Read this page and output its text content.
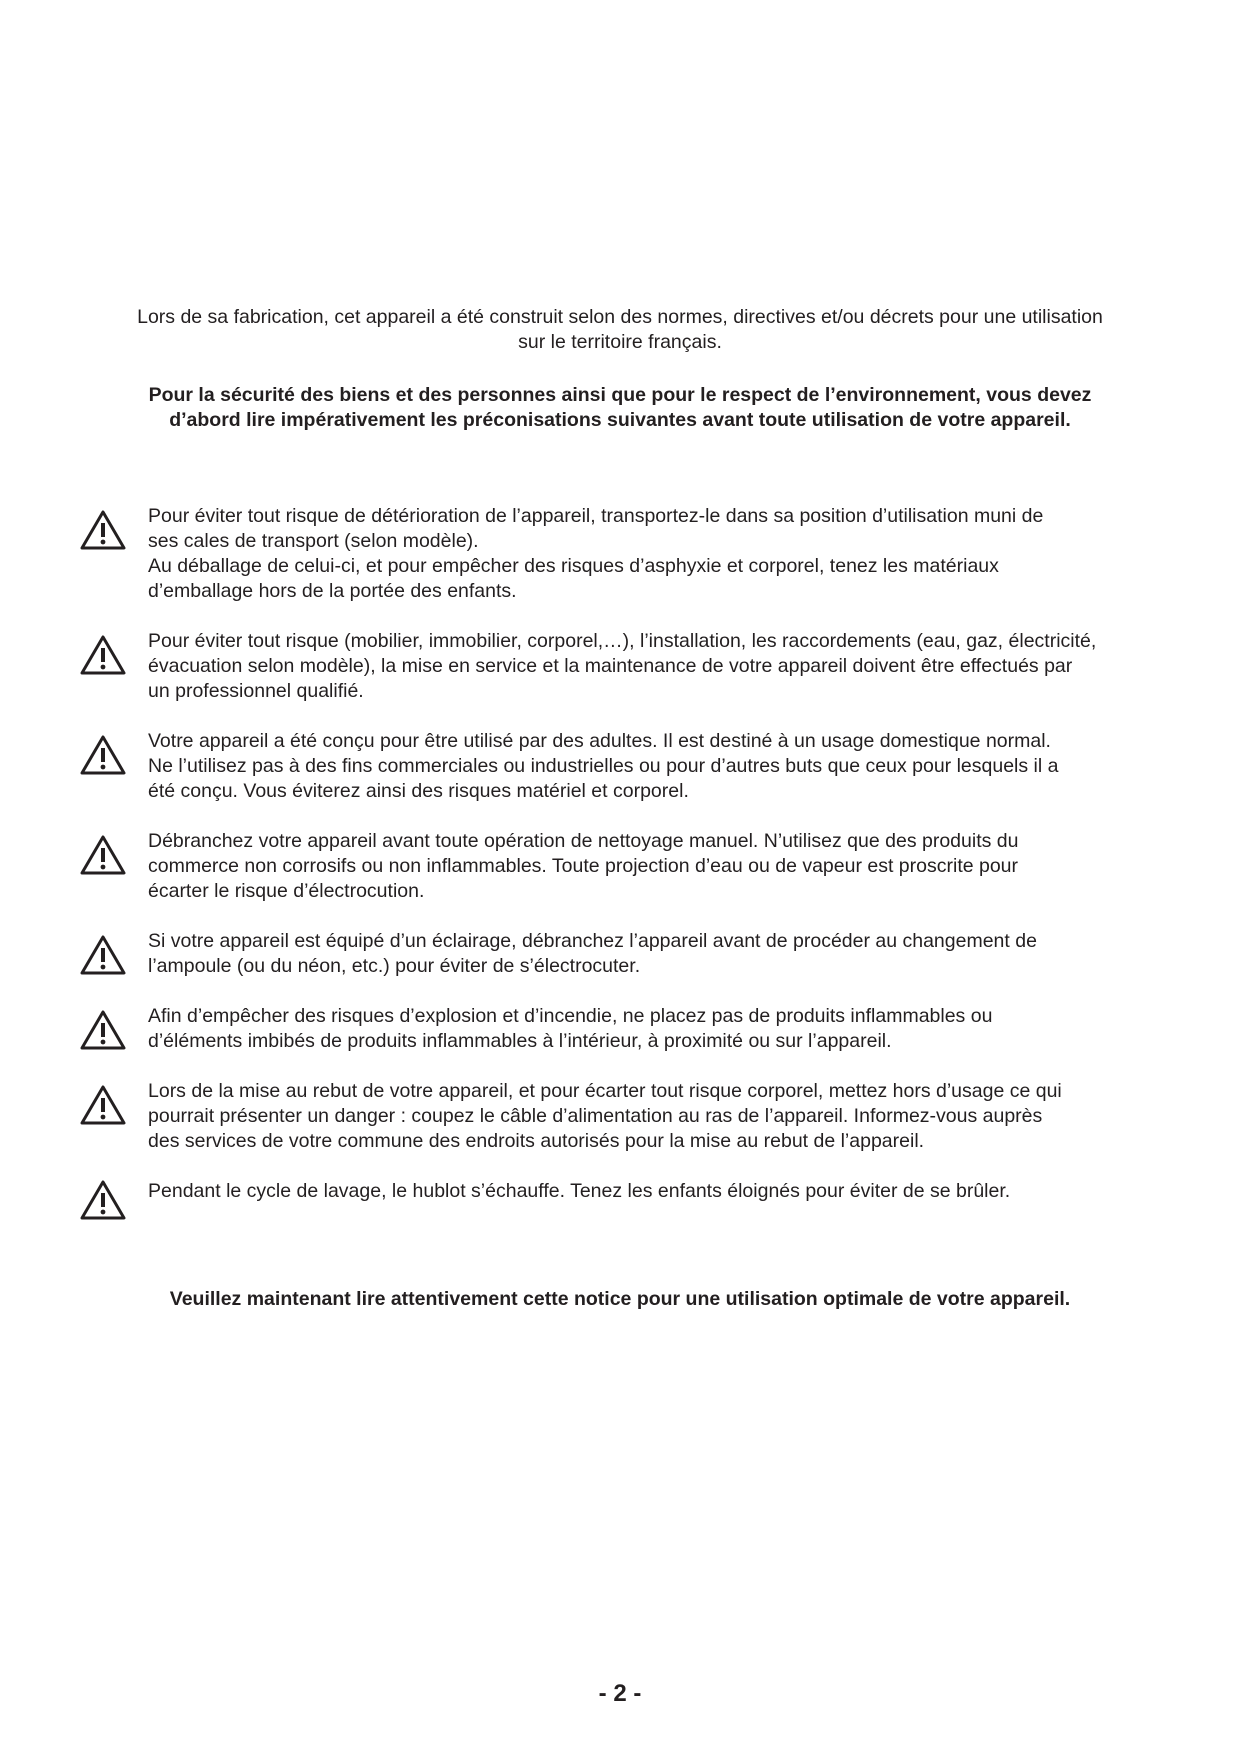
Lors de sa fabrication, cet appareil a été construit selon des normes, directives et/ou décrets pour une utilisation

sur le territoire français.

Pour la sécurité des biens et des personnes ainsi que pour le respect de l’environnement, vous devez

d’abord lire impérativement les préconisations suivantes avant toute utilisation de votre appareil.

Pour éviter tout risque de détérioration de l’appareil, transportez-le dans sa position d’utilisation muni de

ses cales de transport (selon modèle).

Au déballage de celui-ci, et pour empêcher des risques d’asphyxie et corporel, tenez les matériaux

d’emballage hors de la portée des enfants.

Pour éviter tout risque (mobilier, immobilier, corporel,…), l’installation, les raccordements (eau, gaz, électricité,

évacuation selon modèle), la mise en service et la maintenance de votre appareil doivent être effectués par

un professionnel qualifié.

Votre appareil a été conçu pour être utilisé par des adultes. Il est destiné à un usage domestique normal.

Ne l’utilisez pas à des fins commerciales ou industrielles ou pour d’autres buts que ceux pour lesquels il a

été conçu. Vous éviterez ainsi des risques matériel et corporel.

Débranchez votre appareil avant toute opération de nettoyage manuel. N’utilisez que des produits du

commerce non corrosifs ou non inflammables. Toute projection d’eau ou de vapeur est proscrite pour

écarter le risque d’électrocution.

Si votre appareil est équipé d’un éclairage, débranchez l’appareil avant de procéder au changement de

l’ampoule (ou du néon, etc.) pour éviter de s’électrocuter.

Afin d’empêcher des risques d’explosion et d’incendie, ne placez pas de produits inflammables ou

d’éléments imbibés de produits inflammables à l’intérieur, à proximité ou sur l’appareil.

Lors de la mise au rebut de votre appareil, et pour écarter tout risque corporel, mettez hors d’usage ce qui

pourrait présenter un danger : coupez le câble d’alimentation au ras de l’appareil. Informez-vous auprès

des services de votre commune des endroits autorisés pour la mise au rebut de l’appareil.

Pendant le cycle de lavage, le hublot s’échauffe. Tenez les enfants éloignés pour éviter de se brûler.

Veuillez maintenant lire attentivement cette notice pour une utilisation optimale de votre appareil.

- 2 -
